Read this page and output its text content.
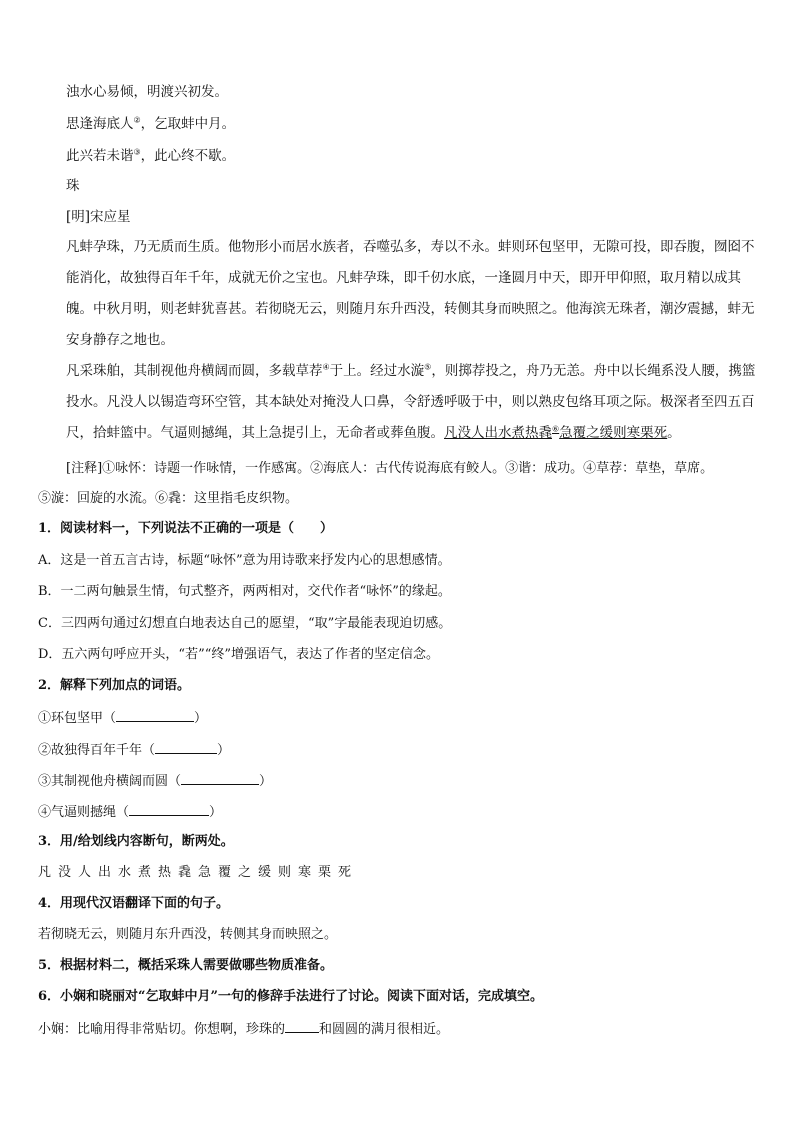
浊水心易倾，明渡兴初发。
思逢海底人②，乞取蚌中月。
此兴若未谐③，此心终不歇。
珠
[明]宋应星
凡蚌孕珠，乃无质而生质。他物形小而居水族者，吞噬弘多，寿以不永。蚌则环包坚甲，无隙可投，即吞腹，囫囵不能消化，故独得百年千年，成就无价之宝也。凡蚌孕珠，即千仞水底，一逢圆月中天，即开甲仰照，取月精以成其魄。中秋月明，则老蚌犹喜甚。若彻晓无云，则随月东升西没，转侧其身而映照之。他海滨无珠者，潮汐震撼，蚌无安身静存之地也。
凡采珠舶，其制视他舟横阔而圆，多载草荐④于上。经过水漩⑤，则掷荐投之，舟乃无恙。舟中以长绳系没人腰，携篮投水。凡没人以锡造弯环空管，其本缺处对掩没人口鼻，令舒透呼吸于中，则以熟皮包络耳项之际。极深者至四五百尺，拾蚌篮中。气逼则撼绳，其上急提引上，无命者或葬鱼腹。凡没人出水煮热毳⑥急覆之缓则寒栗死。
[注释]①咏怀：诗题一作咏情，一作感寓。②海底人：古代传说海底有鲛人。③谐：成功。④草荐：草垫，草席。
⑤漩：回旋的水流。⑥毳：这里指毛皮织物。
1．阅读材料一，下列说法不正确的一项是（　　）
A．这是一首五言古诗，标题“咏怀”意为用诗歌来抒发内心的思想感情。
B．一二两句触景生情，句式整齐，两两相对，交代作者“咏怀”的缘起。
C．三四两句通过幻想直白地表达自己的愿望，“取”字最能表现迫切感。
D．五六两句呼应开头，“若”“终”增强语气，表达了作者的坚定信念。
2．解释下列加点的词语。
①环包坚甲（	）
②故独得百年千年（	）
③其制视他舟横阔而圆（	）
④气逼则撼绳（	）
3．用/给划线内容断句，断两处。
凡没人出水煮热毳急覆之缓则寒栗死
4．用现代汉语翻译下面的句子。
若彻晓无云，则随月东升西没，转侧其身而映照之。
5．根据材料二，概括采珠人需要做哪些物质准备。
6．小娴和晓丽对“乞取蚌中月”一句的修辞手法进行了讨论。阅读下面对话，完成填空。
小娴：比喻用得非常贴切。你想啊，珍珠的	和圆圆的满月很相近。
